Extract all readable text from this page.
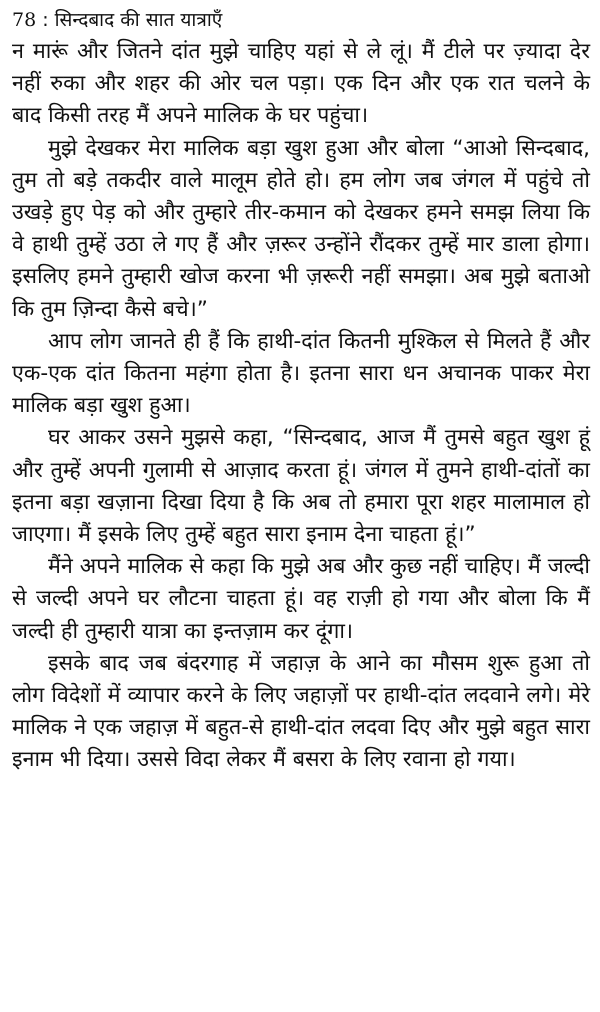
78 : सिन्दबाद की सात यात्राएँ

न मारूं और जितने दांत मुझे चाहिए यहां से ले लूं। मैं टीले पर ज़्यादा देर नहीं रुका और शहर की ओर चल पड़ा। एक दिन और एक रात चलने के बाद किसी तरह मैं अपने मालिक के घर पहुंचा।

मुझे देखकर मेरा मालिक बड़ा खुश हुआ और बोला “आओ सिन्दबाद, तुम तो बड़े तकदीर वाले मालूम होते हो। हम लोग जब जंगल में पहुंचे तो उखड़े हुए पेड़ को और तुम्हारे तीर-कमान को देखकर हमने समझ लिया कि वे हाथी तुम्हें उठा ले गए हैं और ज़रूर उन्होंने रौंदकर तुम्हें मार डाला होगा। इसलिए हमने तुम्हारी खोज करना भी ज़रूरी नहीं समझा। अब मुझे बताओ कि तुम ज़िन्दा कैसे बचे।”

आप लोग जानते ही हैं कि हाथी-दांत कितनी मुश्किल से मिलते हैं और एक-एक दांत कितना महंगा होता है। इतना सारा धन अचानक पाकर मेरा मालिक बड़ा खुश हुआ।

घर आकर उसने मुझसे कहा, “सिन्दबाद, आज मैं तुमसे बहुत खुश हूं और तुम्हें अपनी गुलामी से आज़ाद करता हूं। जंगल में तुमने हाथी-दांतों का इतना बड़ा खज़ाना दिखा दिया है कि अब तो हमारा पूरा शहर मालामाल हो जाएगा। मैं इसके लिए तुम्हें बहुत सारा इनाम देना चाहता हूं।”

मैंने अपने मालिक से कहा कि मुझे अब और कुछ नहीं चाहिए। मैं जल्दी से जल्दी अपने घर लौटना चाहता हूं। वह राज़ी हो गया और बोला कि मैं जल्दी ही तुम्हारी यात्रा का इन्तज़ाम कर दूंगा।

इसके बाद जब बंदरगाह में जहाज़ के आने का मौसम शुरू हुआ तो लोग विदेशों में व्यापार करने के लिए जहाज़ों पर हाथी-दांत लदवाने लगे। मेरे मालिक ने एक जहाज़ में बहुत-से हाथी-दांत लदवा दिए और मुझे बहुत सारा इनाम भी दिया। उससे विदा लेकर मैं बसरा के लिए रवाना हो गया।
